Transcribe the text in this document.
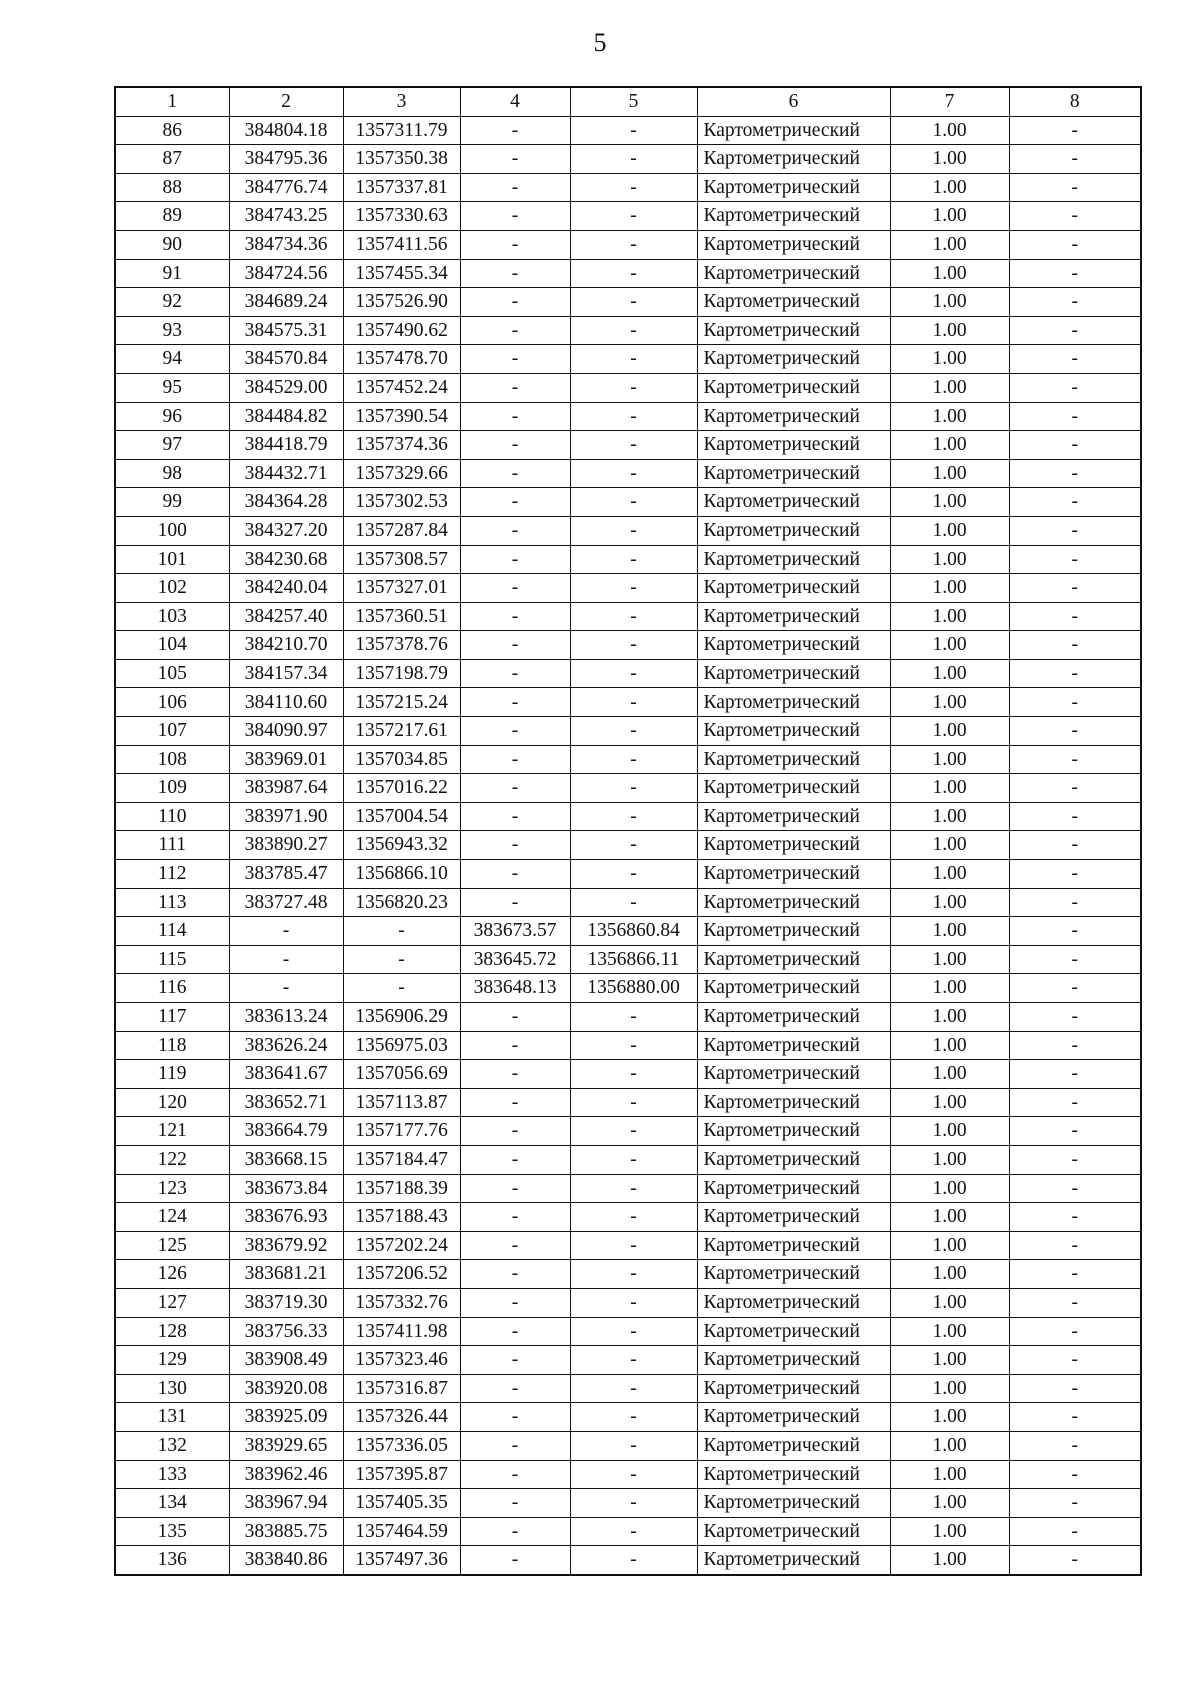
5
1	2	3	4	5	6	7	8
86	384804.18	1357311.79	-	-	Картометрический	1.00	-
87	384795.36	1357350.38	-	-	Картометрический	1.00	-
88	384776.74	1357337.81	-	-	Картометрический	1.00	-
89	384743.25	1357330.63	-	-	Картометрический	1.00	-
90	384734.36	1357411.56	-	-	Картометрический	1.00	-
91	384724.56	1357455.34	-	-	Картометрический	1.00	-
92	384689.24	1357526.90	-	-	Картометрический	1.00	-
93	384575.31	1357490.62	-	-	Картометрический	1.00	-
94	384570.84	1357478.70	-	-	Картометрический	1.00	-
95	384529.00	1357452.24	-	-	Картометрический	1.00	-
96	384484.82	1357390.54	-	-	Картометрический	1.00	-
97	384418.79	1357374.36	-	-	Картометрический	1.00	-
98	384432.71	1357329.66	-	-	Картометрический	1.00	-
99	384364.28	1357302.53	-	-	Картометрический	1.00	-
100	384327.20	1357287.84	-	-	Картометрический	1.00	-
101	384230.68	1357308.57	-	-	Картометрический	1.00	-
102	384240.04	1357327.01	-	-	Картометрический	1.00	-
103	384257.40	1357360.51	-	-	Картометрический	1.00	-
104	384210.70	1357378.76	-	-	Картометрический	1.00	-
105	384157.34	1357198.79	-	-	Картометрический	1.00	-
106	384110.60	1357215.24	-	-	Картометрический	1.00	-
107	384090.97	1357217.61	-	-	Картометрический	1.00	-
108	383969.01	1357034.85	-	-	Картометрический	1.00	-
109	383987.64	1357016.22	-	-	Картометрический	1.00	-
110	383971.90	1357004.54	-	-	Картометрический	1.00	-
111	383890.27	1356943.32	-	-	Картометрический	1.00	-
112	383785.47	1356866.10	-	-	Картометрический	1.00	-
113	383727.48	1356820.23	-	-	Картометрический	1.00	-
114	-	-	383673.57	1356860.84	Картометрический	1.00	-
115	-	-	383645.72	1356866.11	Картометрический	1.00	-
116	-	-	383648.13	1356880.00	Картометрический	1.00	-
117	383613.24	1356906.29	-	-	Картометрический	1.00	-
118	383626.24	1356975.03	-	-	Картометрический	1.00	-
119	383641.67	1357056.69	-	-	Картометрический	1.00	-
120	383652.71	1357113.87	-	-	Картометрический	1.00	-
121	383664.79	1357177.76	-	-	Картометрический	1.00	-
122	383668.15	1357184.47	-	-	Картометрический	1.00	-
123	383673.84	1357188.39	-	-	Картометрический	1.00	-
124	383676.93	1357188.43	-	-	Картометрический	1.00	-
125	383679.92	1357202.24	-	-	Картометрический	1.00	-
126	383681.21	1357206.52	-	-	Картометрический	1.00	-
127	383719.30	1357332.76	-	-	Картометрический	1.00	-
128	383756.33	1357411.98	-	-	Картометрический	1.00	-
129	383908.49	1357323.46	-	-	Картометрический	1.00	-
130	383920.08	1357316.87	-	-	Картометрический	1.00	-
131	383925.09	1357326.44	-	-	Картометрический	1.00	-
132	383929.65	1357336.05	-	-	Картометрический	1.00	-
133	383962.46	1357395.87	-	-	Картометрический	1.00	-
134	383967.94	1357405.35	-	-	Картометрический	1.00	-
135	383885.75	1357464.59	-	-	Картометрический	1.00	-
136	383840.86	1357497.36	-	-	Картометрический	1.00	-
